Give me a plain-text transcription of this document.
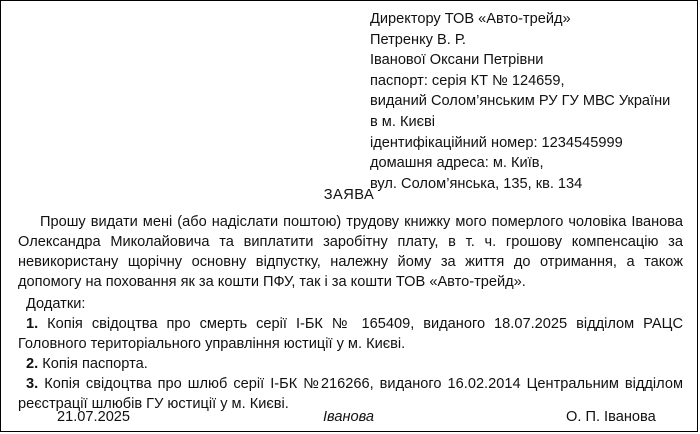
Директору ТОВ «Авто-трейд»
Петренку В. Р.
Іванової Оксани Петрівни
паспорт: серія КТ № 124659,
виданий Солом’янським РУ ГУ МВС України
в м. Києві
ідентифікаційний номер: 1234545999
домашня адреса: м. Київ,
вул. Солом’янська, 135, кв. 134
ЗАЯВА
Прошу видати мені (або надіслати поштою) трудову книжку мого померлого чоловіка Іванова Олександра Миколайовича та виплатити заробітну плату, в т. ч. грошову компенсацію за невикористану щорічну основну відпустку, належну йому за життя до отримання, а також допомогу на поховання як за кошти ПФУ, так і за кошти ТОВ «Авто-трейд».
Додатки:
1. Копія свідоцтва про смерть серії І-БК № 165409, виданого 18.07.2025 відділом РАЦС Головного територіального управління юстиції у м. Києві.
2. Копія паспорта.
3. Копія свідоцтва про шлюб серії І-БК №216266, виданого 16.02.2014 Центральним відділом реєстрації шлюбів ГУ юстиції у м. Києві.
21.07.2025	Іванова	О. П. Іванова
